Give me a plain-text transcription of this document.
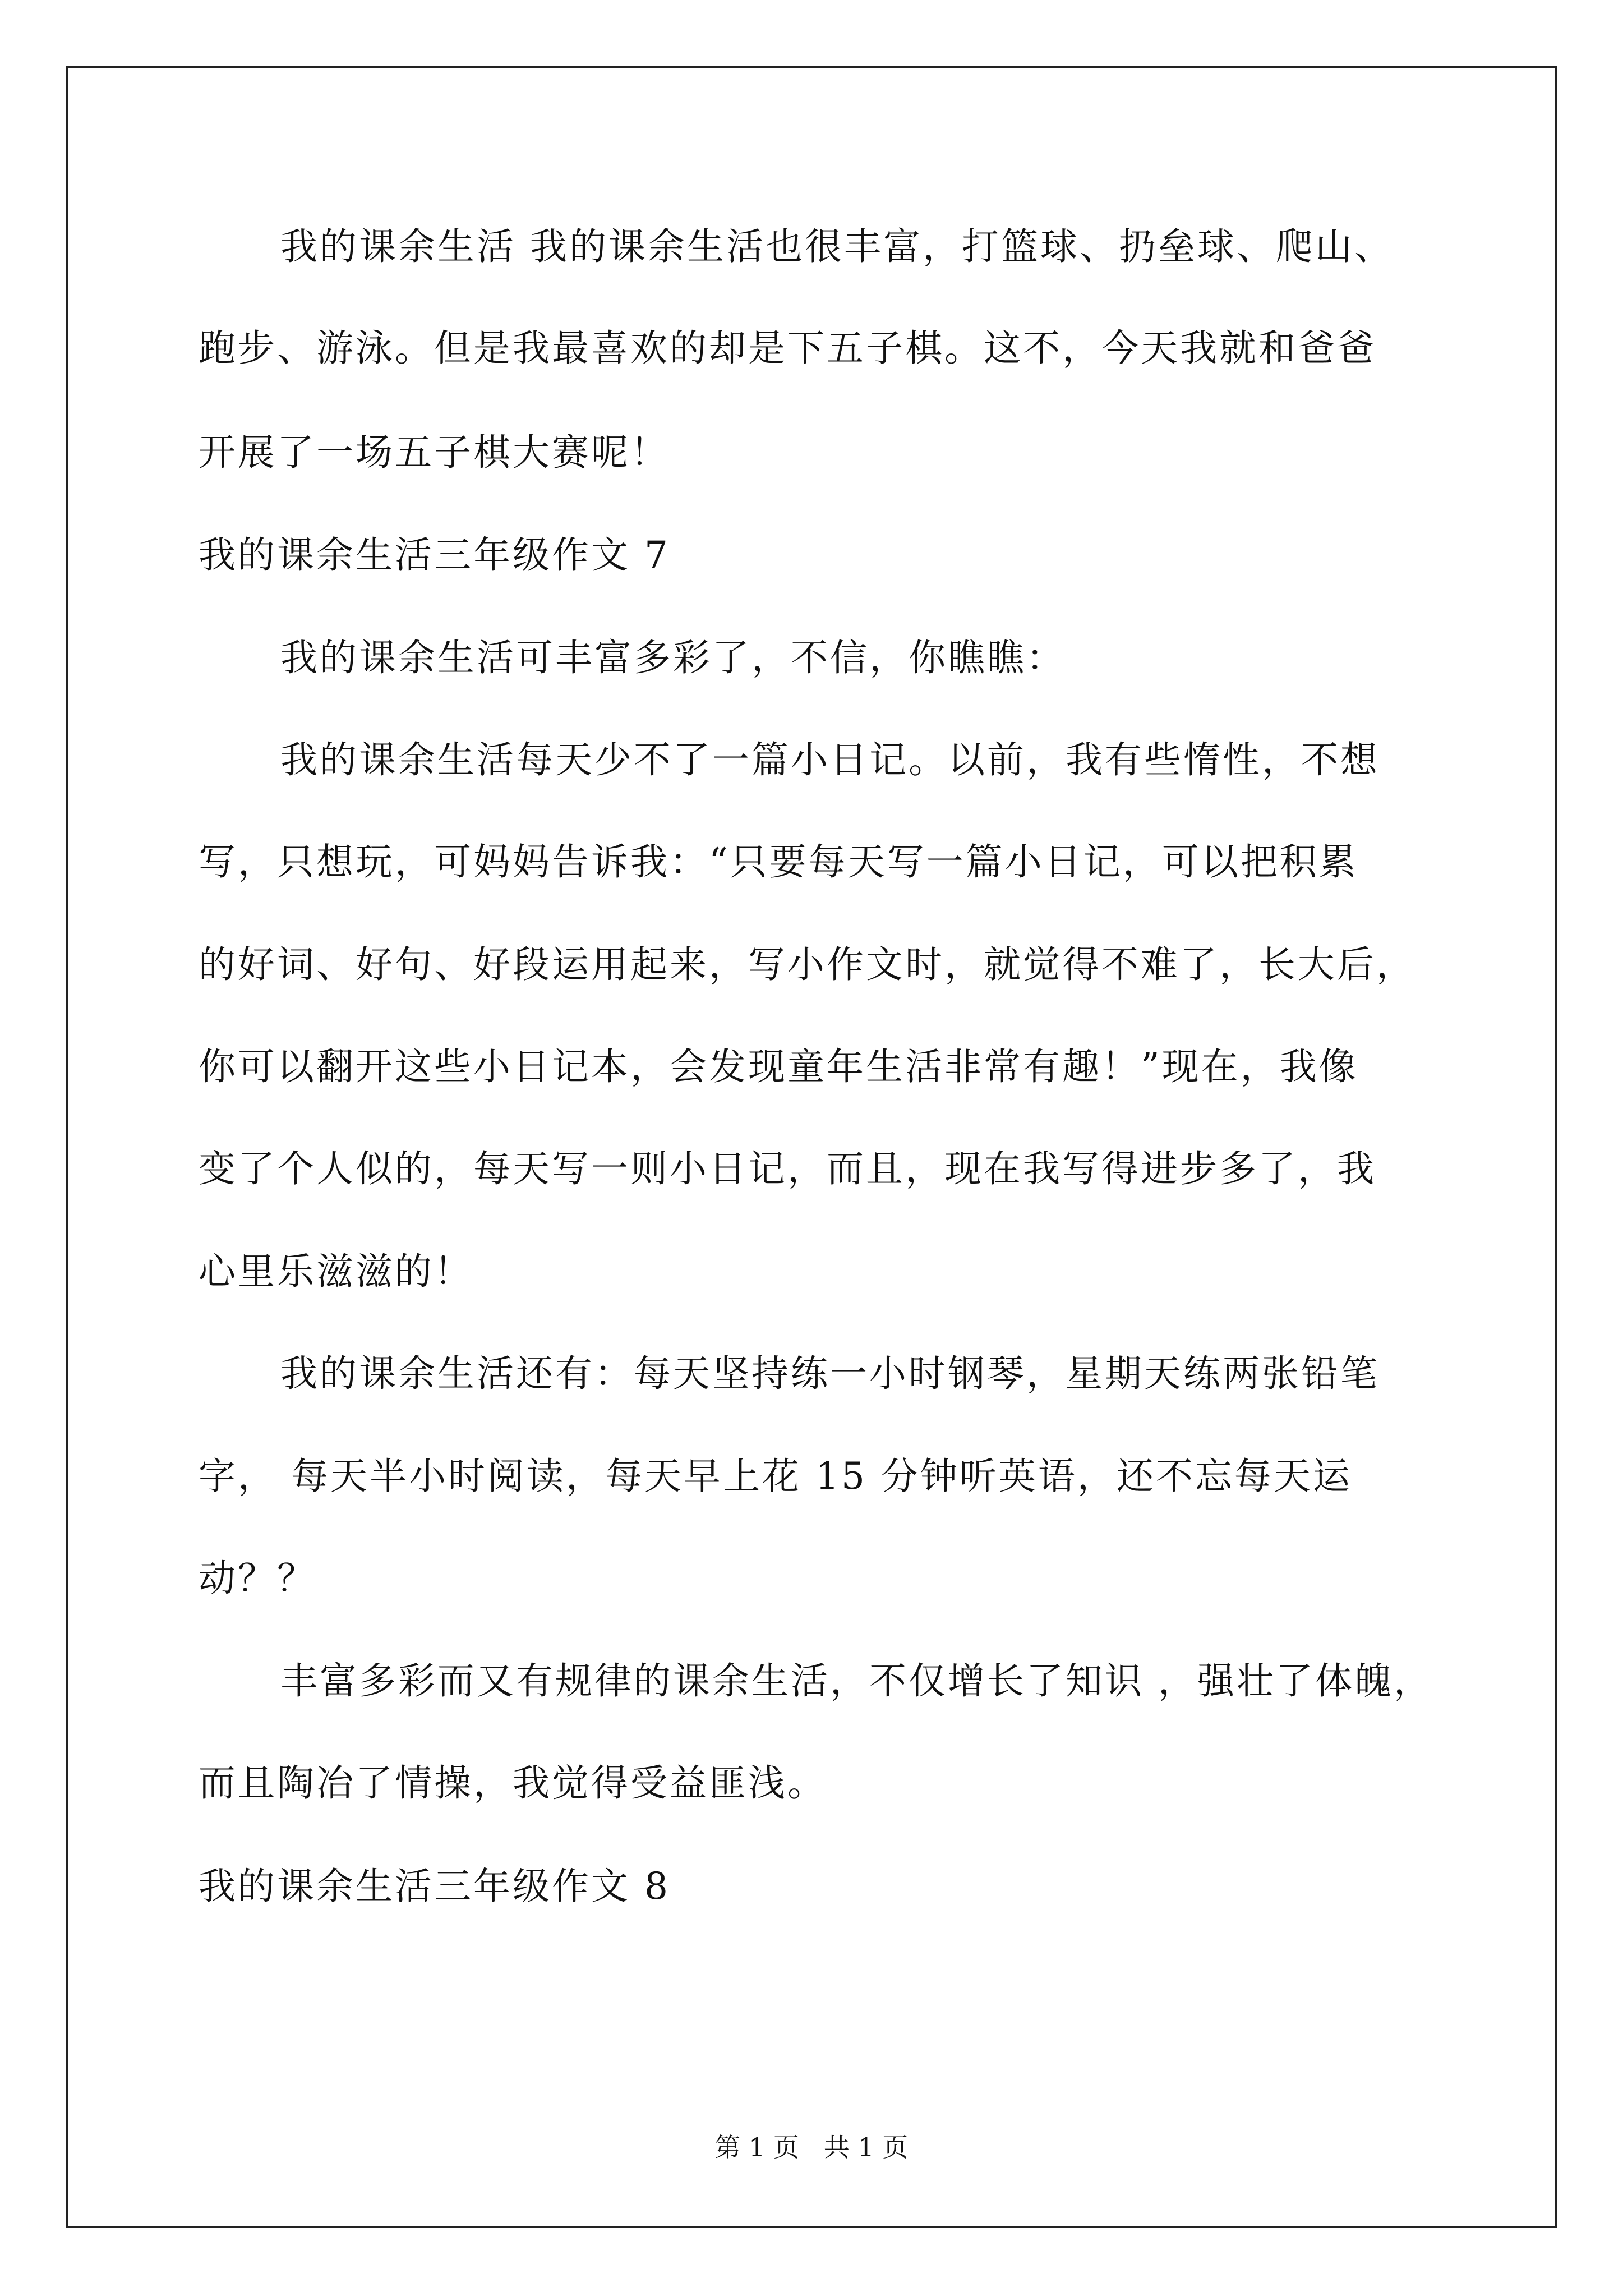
我的课余生活 我的课余生活也很丰富，打篮球、扔垒球、爬山、
跑步、游泳。但是我最喜欢的却是下五子棋。这不，今天我就和爸爸
开展了一场五子棋大赛呢！
我的课余生活三年级作文 7
我的课余生活可丰富多彩了，不信，你瞧瞧：
我的课余生活每天少不了一篇小日记。以前，我有些惰性，不想
写，只想玩，可妈妈告诉我：“只要每天写一篇小日记，可以把积累
的好词、好句、好段运用起来，写小作文时，就觉得不难了，长大后，
你可以翻开这些小日记本，会发现童年生活非常有趣！”现在，我像
变了个人似的，每天写一则小日记，而且，现在我写得进步多了，我
心里乐滋滋的！
我的课余生活还有：每天坚持练一小时钢琴，星期天练两张铅笔
字， 每天半小时阅读，每天早上花 15 分钟听英语，还不忘每天运
动？？
丰富多彩而又有规律的课余生活，不仅增长了知识 ，强壮了体魄，
而且陶冶了情操，我觉得受益匪浅。
我的课余生活三年级作文 8
第 1 页   共 1 页
